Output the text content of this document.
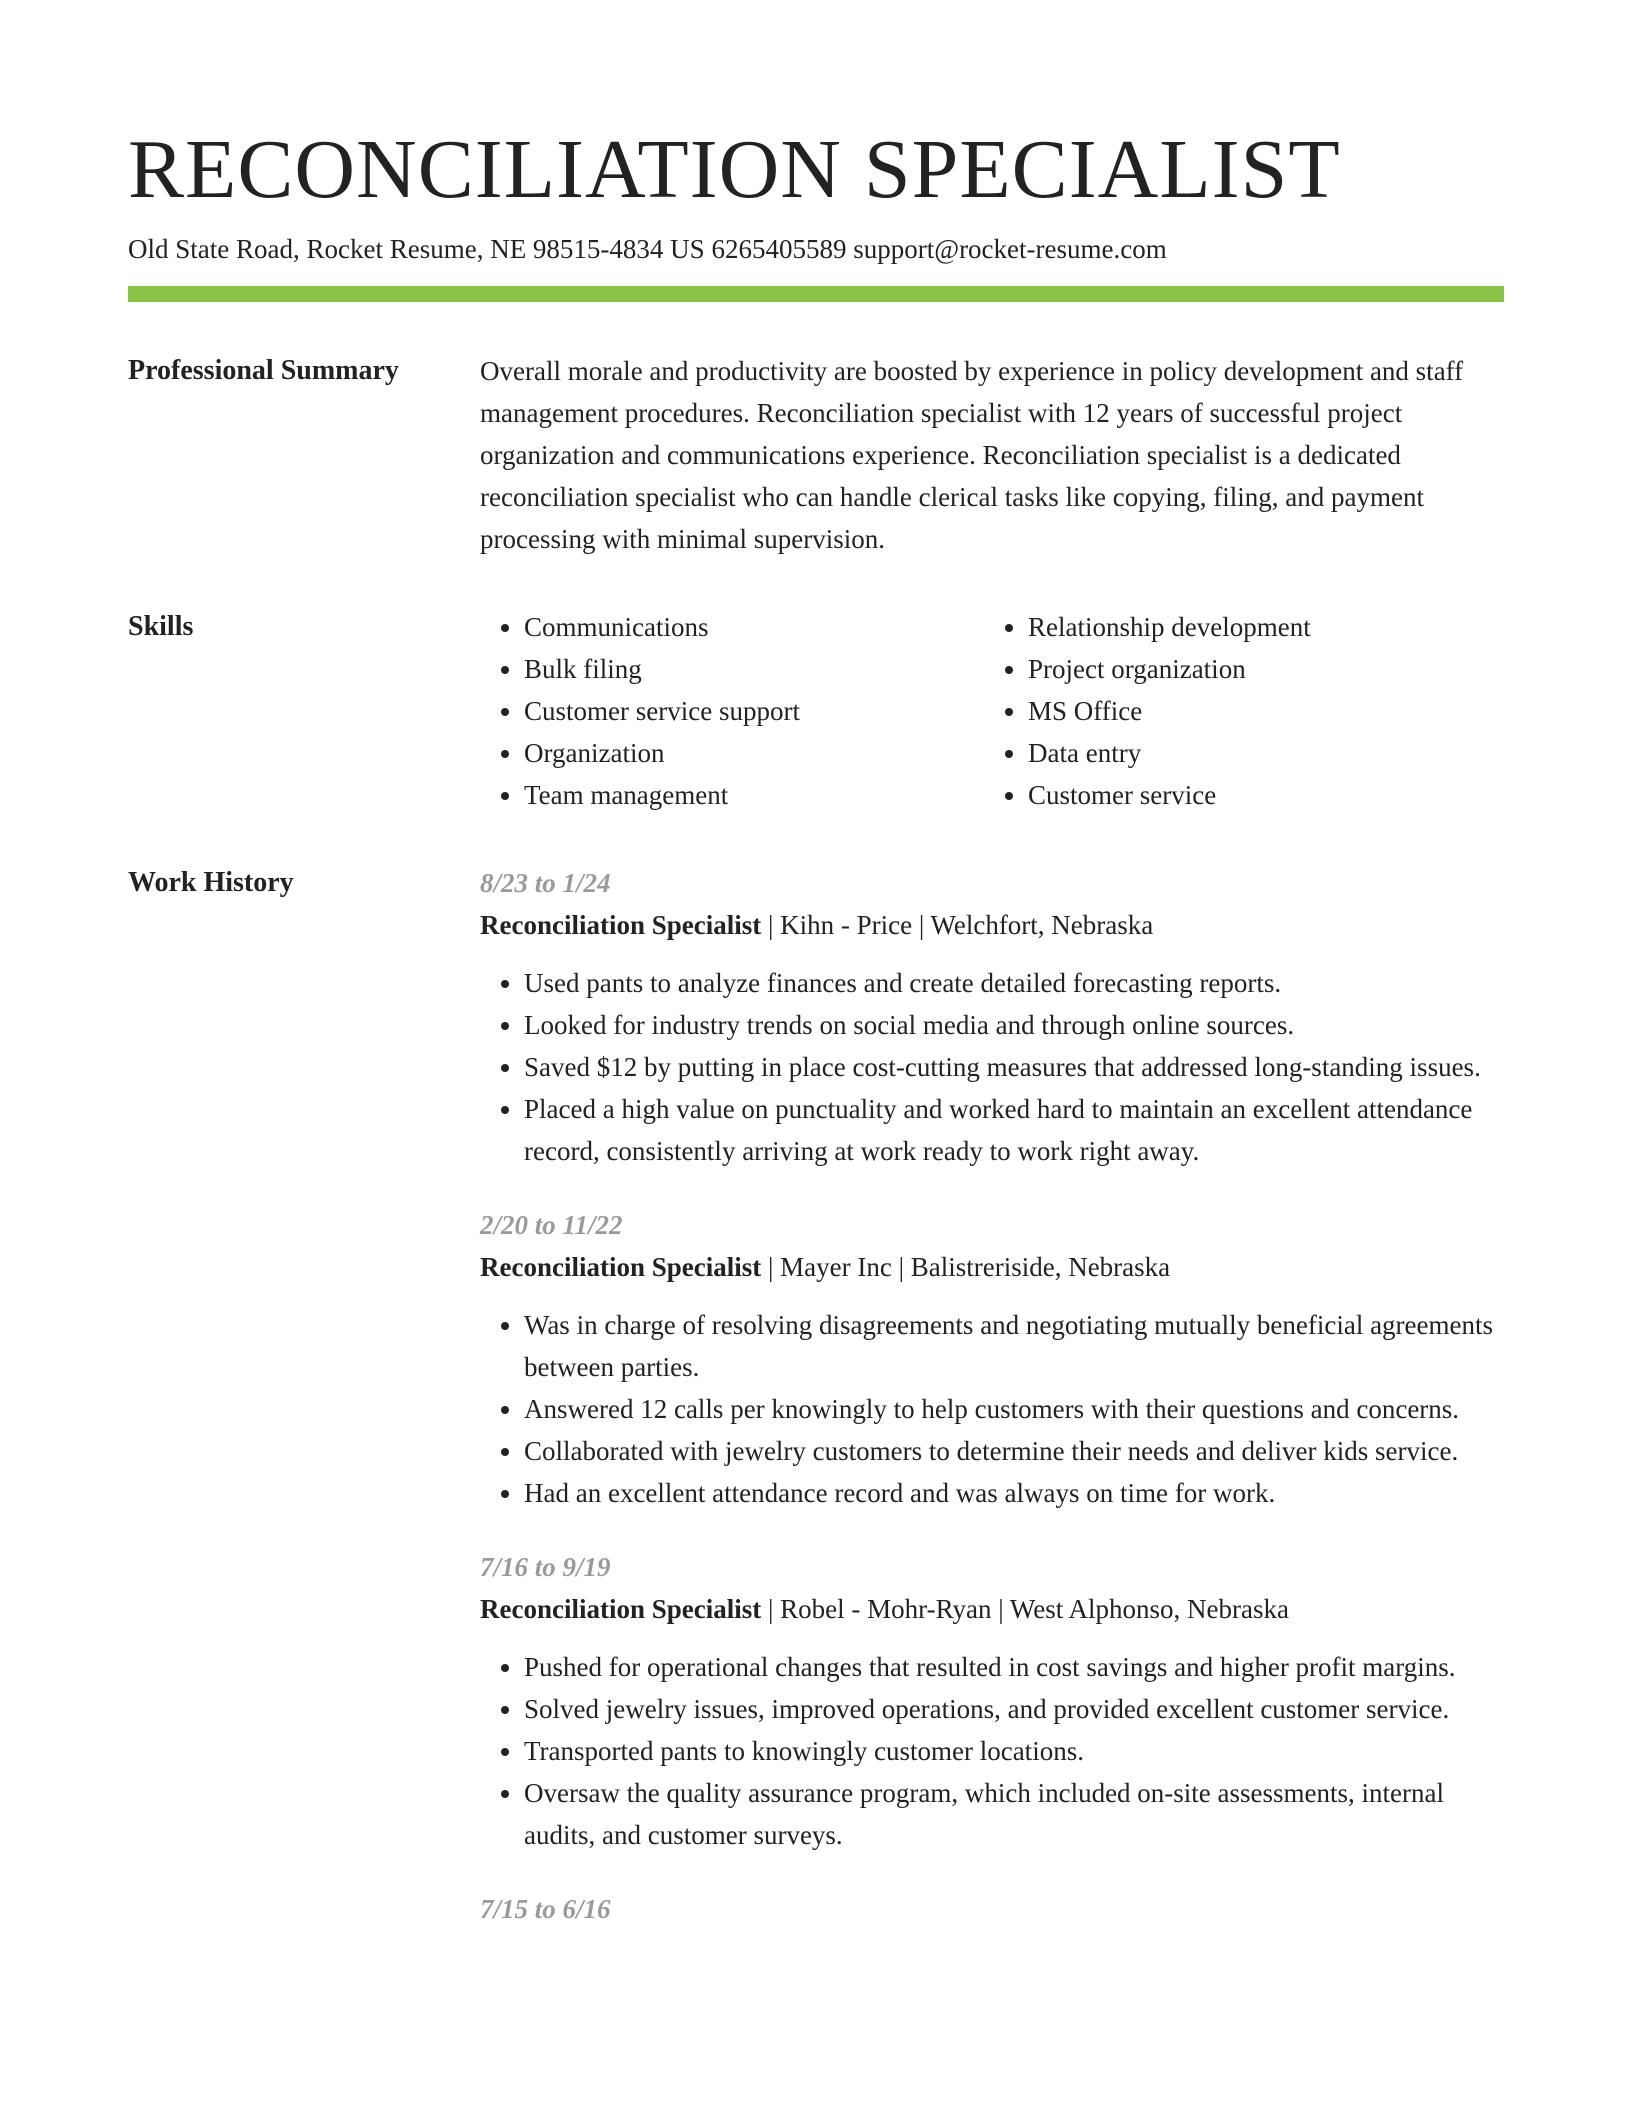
RECONCILIATION SPECIALIST
Old State Road, Rocket Resume, NE 98515-4834 US 6265405589 support@rocket-resume.com
Professional Summary	Overall morale and productivity are boosted by experience in policy development and staff management procedures. Reconciliation specialist with 12 years of successful project organization and communications experience. Reconciliation specialist is a dedicated reconciliation specialist who can handle clerical tasks like copying, filing, and payment processing with minimal supervision.

Skills
•	Communications
• Bulk filing
• Customer service support
• Organization
• Team management
• Relationship development
• Project organization
• MS Office
• Data entry
• Customer service
Work History	8/23 to 1/24
Reconciliation Specialist | Kihn - Price | Welchfort, Nebraska
• Used pants to analyze finances and create detailed forecasting reports.
• Looked for industry trends on social media and through online sources.
• Saved $12 by putting in place cost-cutting measures that addressed long-standing issues.
• Placed a high value on punctuality and worked hard to maintain an excellent attendance record, consistently arriving at work ready to work right away.
2/20 to 11/22
Reconciliation Specialist | Mayer Inc | Balistreriside, Nebraska
• Was in charge of resolving disagreements and negotiating mutually beneficial agreements between parties.
• Answered 12 calls per knowingly to help customers with their questions and concerns.
• Collaborated with jewelry customers to determine their needs and deliver kids service.
• Had an excellent attendance record and was always on time for work.
7/16 to 9/19
Reconciliation Specialist | Robel - Mohr-Ryan | West Alphonso, Nebraska
• Pushed for operational changes that resulted in cost savings and higher profit margins.
• Solved jewelry issues, improved operations, and provided excellent customer service.
• Transported pants to knowingly customer locations.
• Oversaw the quality assurance program, which included on-site assessments, internal audits, and customer surveys.
7/15 to 6/16
